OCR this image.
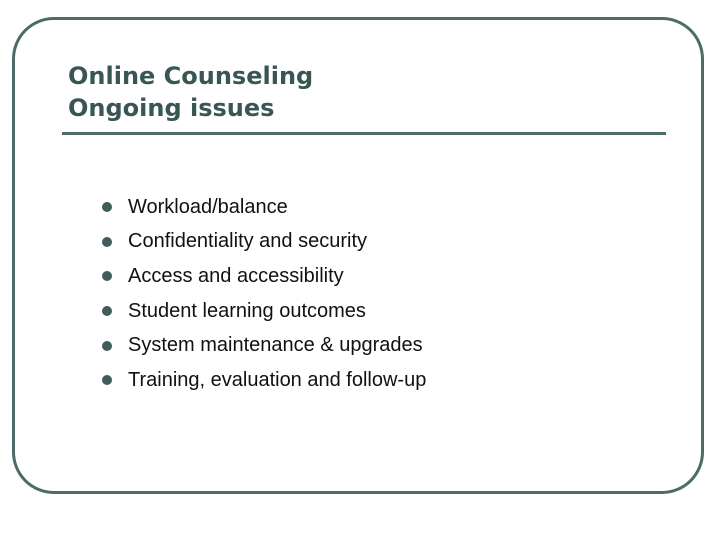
Online Counseling
Ongoing issues
Workload/balance
Confidentiality and security
Access and accessibility
Student learning outcomes
System maintenance & upgrades
Training, evaluation and follow-up
